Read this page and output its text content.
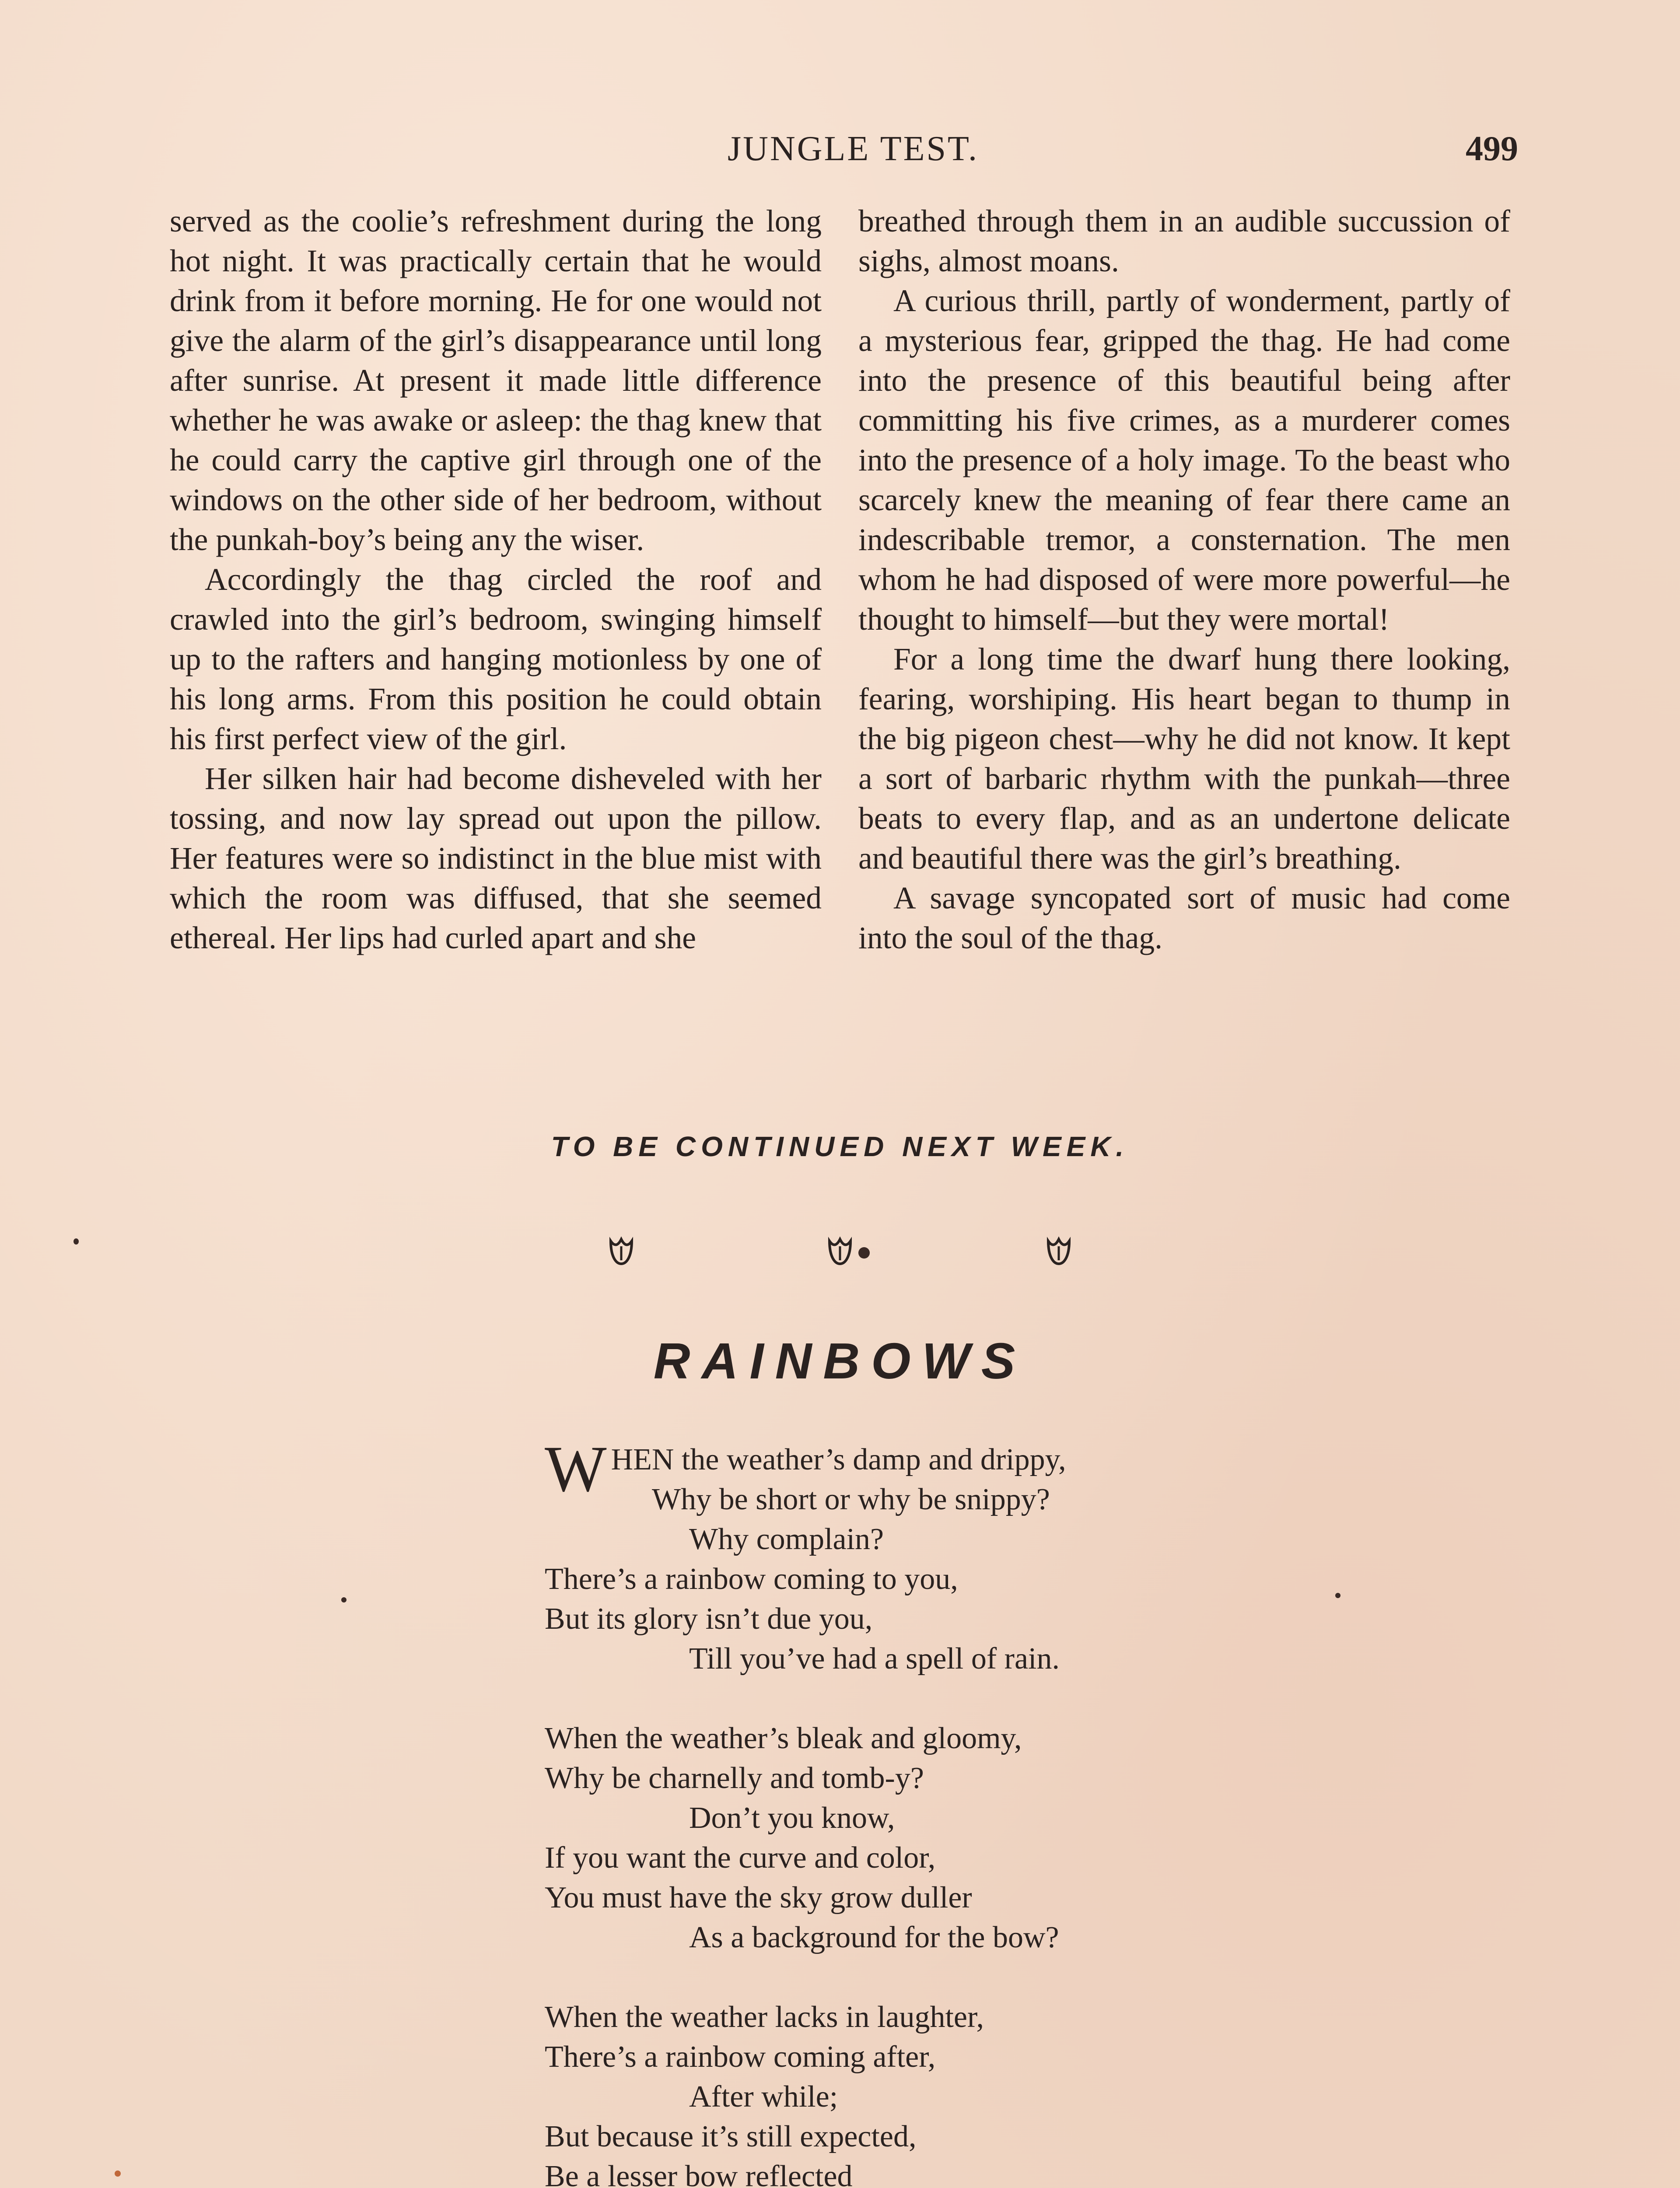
JUNGLE TEST.	499

served as the coolie’s refreshment during the long hot night. It was practically certain that he would drink from it before morning. He for one would not give the alarm of the girl’s disappearance until long after sunrise. At present it made little difference whether he was awake or asleep: the thag knew that he could carry the captive girl through one of the windows on the other side of her bedroom, without the punkah-boy’s being any the wiser.

Accordingly the thag circled the roof and crawled into the girl’s bedroom, swinging himself up to the rafters and hanging motionless by one of his long arms. From this position he could obtain his first perfect view of the girl.

Her silken hair had become disheveled with her tossing, and now lay spread out upon the pillow. Her features were so indistinct in the blue mist with which the room was diffused, that she seemed ethereal. Her lips had curled apart and she

breathed through them in an audible succussion of sighs, almost moans.

A curious thrill, partly of wonderment, partly of a mysterious fear, gripped the thag. He had come into the presence of this beautiful being after committing his five crimes, as a murderer comes into the presence of a holy image. To the beast who scarcely knew the meaning of fear there came an indescribable tremor, a consternation. The men whom he had disposed of were more powerful—he thought to himself—but they were mortal!

For a long time the dwarf hung there looking, fearing, worshiping. His heart began to thump in the big pigeon chest—why he did not know. It kept a sort of barbaric rhythm with the punkah—three beats to every flap, and as an undertone delicate and beautiful there was the girl’s breathing.

A savage syncopated sort of music had come into the soul of the thag.

TO BE CONTINUED NEXT WEEK.
RAINBOWS
WHEN the weather’s damp and drippy,
Why be short or why be snippy?
Why complain?
There’s a rainbow coming to you,
But its glory isn’t due you,
Till you’ve had a spell of rain.
When the weather’s bleak and gloomy,
Why be charnelly and tomb-y?
Don’t you know,
If you want the curve and color,
You must have the sky grow duller
As a background for the bow?
When the weather lacks in laughter,
There’s a rainbow coming after,
After while;
But because it’s still expected,
Be a lesser bow reflected
